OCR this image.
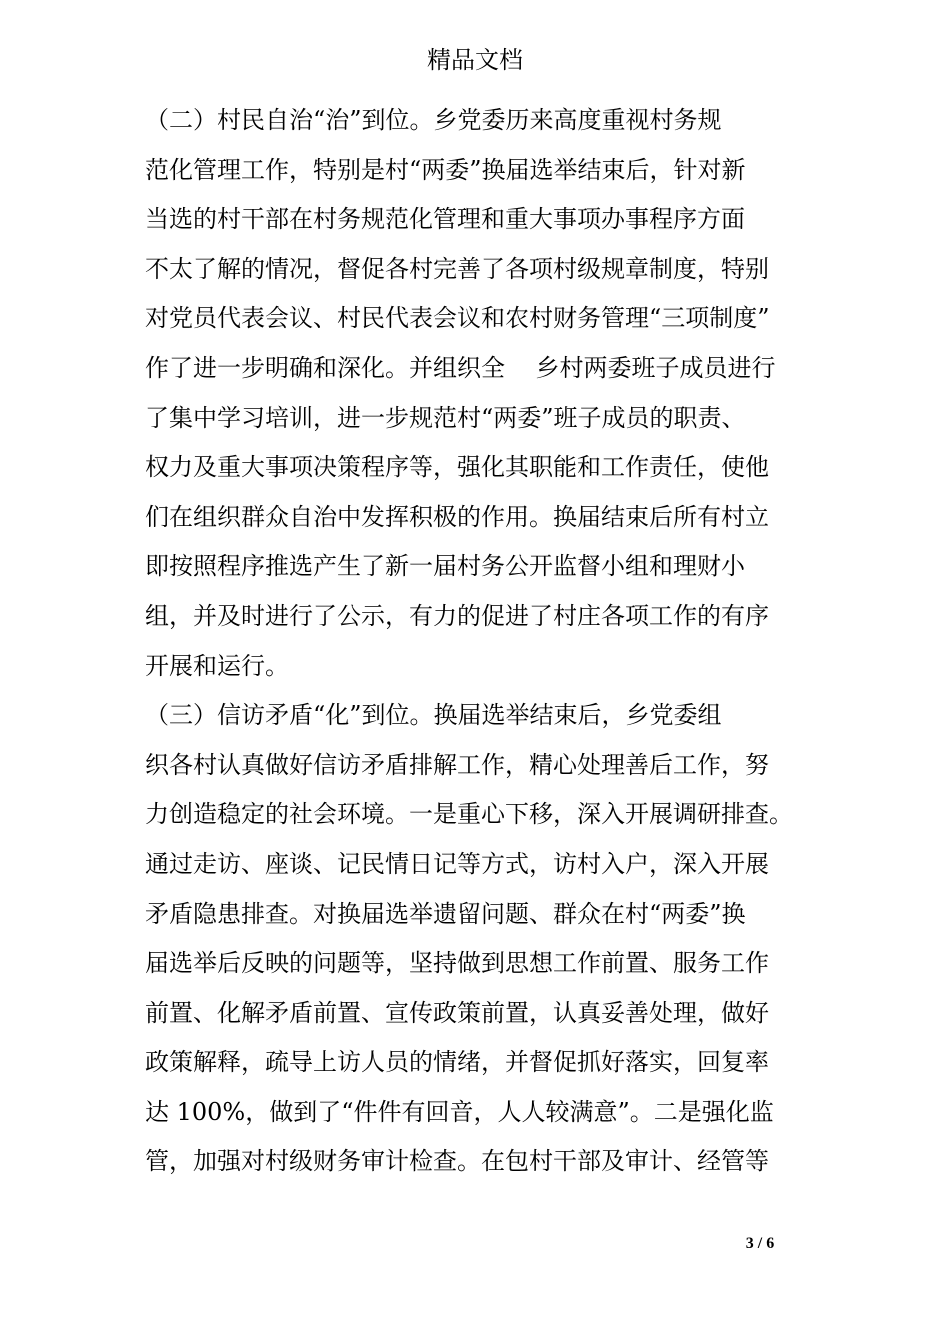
精品文档
（二）村民自治“治”到位。乡党委历来高度重视村务规
范化管理工作，特别是村“两委”换届选举结束后，针对新
当选的村干部在村务规范化管理和重大事项办事程序方面
不太了解的情况，督促各村完善了各项村级规章制度，特别
对党员代表会议、村民代表会议和农村财务管理“三项制度”
作了进一步明确和深化。并组织全    乡村两委班子成员进行
了集中学习培训，进一步规范村“两委”班子成员的职责、
权力及重大事项决策程序等，强化其职能和工作责任，使他
们在组织群众自治中发挥积极的作用。换届结束后所有村立
即按照程序推选产生了新一届村务公开监督小组和理财小
组，并及时进行了公示，有力的促进了村庄各项工作的有序
开展和运行。
（三）信访矛盾“化”到位。换届选举结束后，乡党委组
织各村认真做好信访矛盾排解工作，精心处理善后工作，努
力创造稳定的社会环境。一是重心下移，深入开展调研排查。
通过走访、座谈、记民情日记等方式，访村入户，深入开展
矛盾隐患排查。对换届选举遗留问题、群众在村“两委”换
届选举后反映的问题等，坚持做到思想工作前置、服务工作
前置、化解矛盾前置、宣传政策前置，认真妥善处理，做好
政策解释，疏导上访人员的情绪，并督促抓好落实，回复率
达 100%，做到了“件件有回音，人人较满意”。二是强化监
管，加强对村级财务审计检查。在包村干部及审计、经管等
3 / 6
